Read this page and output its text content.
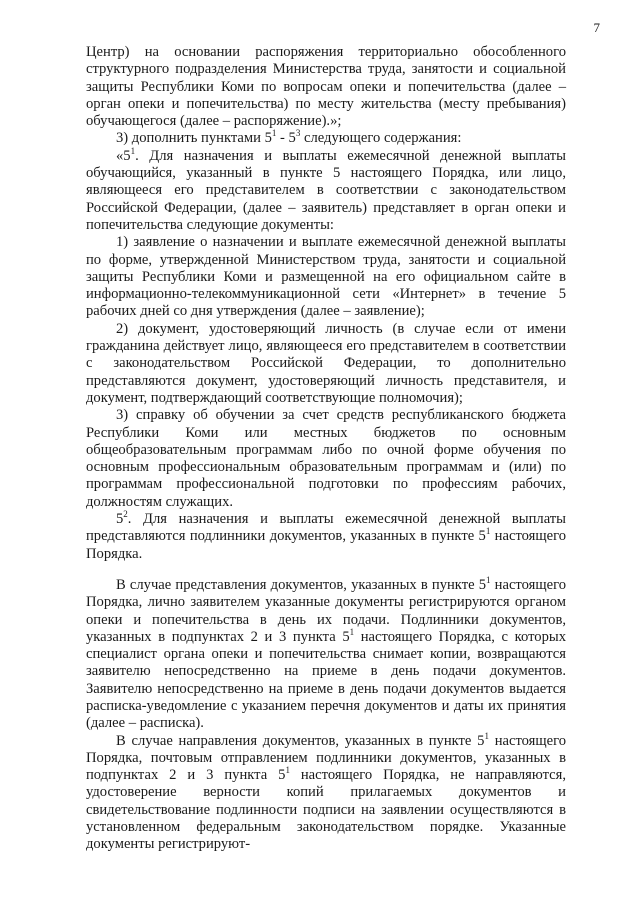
7

Центр) на основании распоряжения территориально обособленного структурного подразделения Министерства труда, занятости и социальной защиты Республики Коми по вопросам опеки и попечительства (далее – орган опеки и попечительства) по месту жительства (месту пребывания) обучающегося (далее – распоряжение).»;

3) дополнить пунктами $5^1 - 5^3$ следующего содержания:

«$5^1$. Для назначения и выплаты ежемесячной денежной выплаты обучающийся, указанный в пункте 5 настоящего Порядка, или лицо, являющееся его представителем в соответствии с законодательством Российской Федерации, (далее – заявитель) представляет в орган опеки и попечительства следующие документы:

1) заявление о назначении и выплате ежемесячной денежной выплаты по форме, утвержденной Министерством труда, занятости и социальной защиты Республики Коми и размещенной на его официальном сайте в информационно-телекоммуникационной сети «Интернет» в течение 5 рабочих дней со дня утверждения (далее – заявление);

2) документ, удостоверяющий личность (в случае если от имени гражданина действует лицо, являющееся его представителем в соответствии с законодательством Российской Федерации, то дополнительно представляются документ, удостоверяющий личность представителя, и документ, подтверждающий соответствующие полномочия);

3) справку об обучении за счет средств республиканского бюджета Республики Коми или местных бюджетов по основным общеобразовательным программам либо по очной форме обучения по основным профессиональным образовательным программам и (или) по программам профессиональной подготовки по профессиям рабочих, должностям служащих.

$5^2$. Для назначения и выплаты ежемесячной денежной выплаты представляются подлинники документов, указанных в пункте $5^1$ настоящего Порядка.

В случае представления документов, указанных в пункте $5^1$ настоящего Порядка, лично заявителем указанные документы регистрируются органом опеки и попечительства в день их подачи. Подлинники документов, указанных в подпунктах 2 и 3 пункта $5^1$ настоящего Порядка, с которых специалист органа опеки и попечительства снимает копии, возвращаются заявителю непосредственно на приеме в день подачи документов. Заявителю непосредственно на приеме в день подачи документов выдается расписка-уведомление с указанием перечня документов и даты их принятия (далее – расписка).

В случае направления документов, указанных в пункте $5^1$ настоящего Порядка, почтовым отправлением подлинники документов, указанных в подпунктах 2 и 3 пункта $5^1$ настоящего Порядка, не направляются, удостоверение верности копий прилагаемых документов и свидетельствование подлинности подписи на заявлении осуществляются в установленном федеральным законодательством порядке. Указанные документы регистрируют-
